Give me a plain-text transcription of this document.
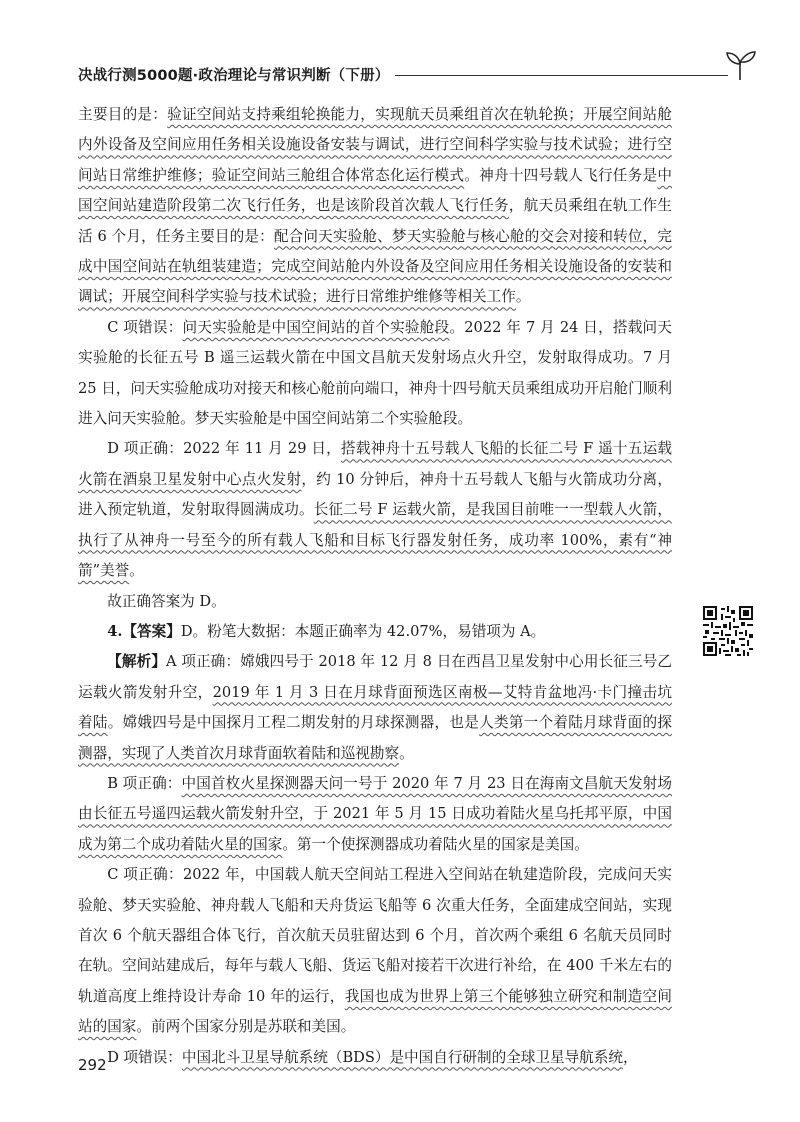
决战行测5000题·政治理论与常识判断（下册）

主要目的是：验证空间站支持乘组轮换能力，实现航天员乘组首次在轨轮换；开展空间站舱内外设备及空间应用任务相关设施设备安装与调试，进行空间科学实验与技术试验；进行空间站日常维护维修；验证空间站三舱组合体常态化运行模式。神舟十四号载人飞行任务是中国空间站建造阶段第二次飞行任务，也是该阶段首次载人飞行任务，航天员乘组在轨工作生活 6 个月，任务主要目的是：配合问天实验舱、梦天实验舱与核心舱的交会对接和转位，完成中国空间站在轨组装建造；完成空间站舱内外设备及空间应用任务相关设施设备的安装和调试；开展空间科学实验与技术试验；进行日常维护维修等相关工作。

C 项错误：问天实验舱是中国空间站的首个实验舱段。2022 年 7 月 24 日，搭载问天实验舱的长征五号 B 遥三运载火箭在中国文昌航天发射场点火升空，发射取得成功。7 月 25 日，问天实验舱成功对接天和核心舱前向端口，神舟十四号航天员乘组成功开启舱门顺利进入问天实验舱。梦天实验舱是中国空间站第二个实验舱段。

D 项正确：2022 年 11 月 29 日，搭载神舟十五号载人飞船的长征二号 F 遥十五运载火箭在酒泉卫星发射中心点火发射，约 10 分钟后，神舟十五号载人飞船与火箭成功分离，进入预定轨道，发射取得圆满成功。长征二号 F 运载火箭，是我国目前唯一一型载人火箭，执行了从神舟一号至今的所有载人飞船和目标飞行器发射任务，成功率 100%，素有“神箭”美誉。

故正确答案为 D。

4.【答案】D。粉笔大数据：本题正确率为 42.07%，易错项为 A。

【解析】A 项正确：嫦娥四号于 2018 年 12 月 8 日在西昌卫星发射中心用长征三号乙运载火箭发射升空，2019 年 1 月 3 日在月球背面预选区南极—艾特肯盆地冯·卡门撞击坑着陆。嫦娥四号是中国探月工程二期发射的月球探测器，也是人类第一个着陆月球背面的探测器，实现了人类首次月球背面软着陆和巡视勘察。

B 项正确：中国首枚火星探测器天问一号于 2020 年 7 月 23 日在海南文昌航天发射场由长征五号遥四运载火箭发射升空，于 2021 年 5 月 15 日成功着陆火星乌托邦平原，中国成为第二个成功着陆火星的国家。第一个使探测器成功着陆火星的国家是美国。

C 项正确：2022 年，中国载人航天空间站工程进入空间站在轨建造阶段，完成问天实验舱、梦天实验舱、神舟载人飞船和天舟货运飞船等 6 次重大任务，全面建成空间站，实现首次 6 个航天器组合体飞行，首次航天员驻留达到 6 个月，首次两个乘组 6 名航天员同时在轨。空间站建成后，每年与载人飞船、货运飞船对接若干次进行补给，在 400 千米左右的轨道高度上维持设计寿命 10 年的运行，我国也成为世界上第三个能够独立研究和制造空间站的国家。前两个国家分别是苏联和美国。

D 项错误：中国北斗卫星导航系统（BDS）是中国自行研制的全球卫星导航系统，

292
